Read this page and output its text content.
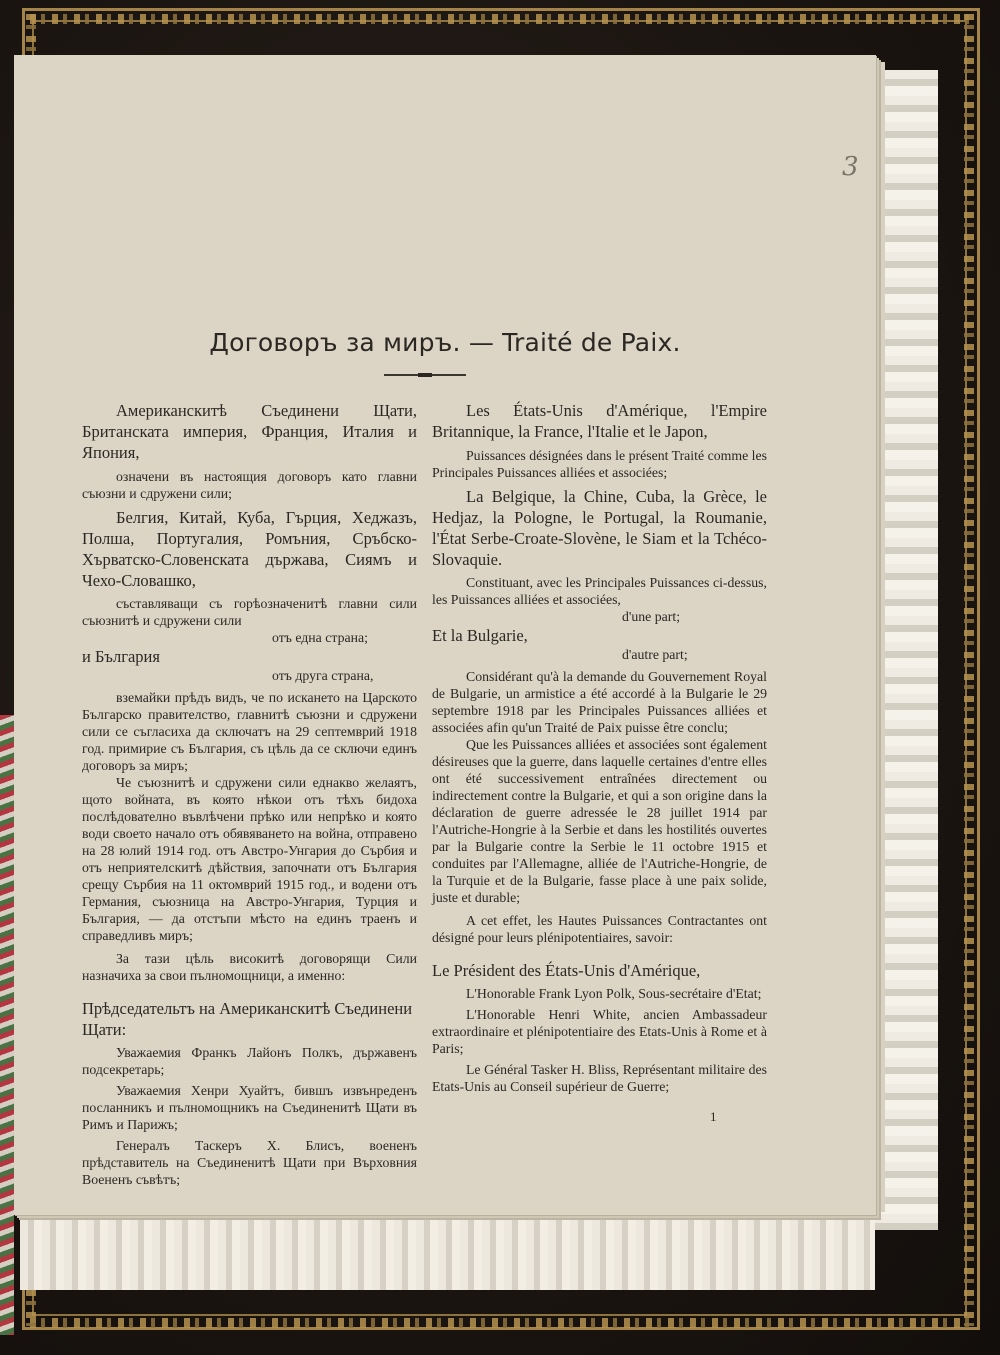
3
Договоръ за миръ. — Traité de Paix.

Американскитѣ Съединени Щати, Британската империя, Франция, Италия и Япония,

означени въ настоящия договоръ като главни съюзни и сдружени сили;

Белгия, Китай, Куба, Гърция, Хеджазъ, Полша, Португалия, Ромъния, Сръбско-Хърватско-Словенската държава, Сиямъ и Чехо-Словашко,

съставляващи съ горѣозначенитѣ главни сили съюзнитѣ и сдружени сили

отъ една страна;

и България

отъ друга страна,

вземайки прѣдъ видъ, че по искането на Царското Българско правителство, главнитѣ съюзни и сдружени сили се съгласиха да сключатъ на 29 септемврий 1918 год. примирие съ България, съ цѣль да се сключи единъ договоръ за миръ;

Че съюзнитѣ и сдружени сили еднакво желаятъ, щото войната, въ която нѣкои отъ тѣхъ бидоха послѣдователно въвлѣчени прѣко или непрѣко и която води своето начало отъ обявяването на война, отправено на 28 юлий 1914 год. отъ Австро-Унгария до Сърбия и отъ неприятелскитѣ дѣйствия, започнати отъ България срещу Сърбия на 11 октомврий 1915 год., и водени отъ Германия, съюзница на Австро-Унгария, Турция и България, — да отстъпи мѣсто на единъ траенъ и справедливъ миръ;

За тази цѣль високитѣ договорящи Сили назначиха за свои пълномощници, а именно:

Прѣдседательтъ на Американскитѣ Съединени Щати:

Уважаемия Франкъ Лайонъ Полкъ, държавенъ подсекретарь;

Уважаемия Хенри Хуайтъ, бившъ извънреденъ посланникъ и пълномощникъ на Съединенитѣ Щати въ Римъ и Парижъ;

Генералъ Таскеръ Х. Блисъ, воененъ прѣдставитель на Съединенитѣ Щати при Върховния Воененъ съвѣтъ;

Les États-Unis d'Amérique, l'Empire Britannique, la France, l'Italie et le Japon,

Puissances désignées dans le présent Traité comme les Principales Puissances alliées et associées;

La Belgique, la Chine, Cuba, la Grèce, le Hedjaz, la Pologne, le Portugal, la Roumanie, l'État Serbe-Croate-Slovène, le Siam et la Tchéco-Slovaquie.

Constituant, avec les Principales Puissances ci-dessus, les Puissances alliées et associées,

d'une part;

Et la Bulgarie,

d'autre part;

Considérant qu'à la demande du Gouvernement Royal de Bulgarie, un armistice a été accordé à la Bulgarie le 29 septembre 1918 par les Principales Puissances alliées et associées afin qu'un Traité de Paix puisse être conclu;

Que les Puissances alliées et associées sont également désireuses que la guerre, dans laquelle certaines d'entre elles ont été successivement entraînées directement ou indirectement contre la Bulgarie, et qui a son origine dans la déclaration de guerre adressée le 28 juillet 1914 par l'Autriche-Hongrie à la Serbie et dans les hostilités ouvertes par la Bulgarie contre la Serbie le 11 octobre 1915 et conduites par l'Allemagne, alliée de l'Autriche-Hongrie, de la Turquie et de la Bulgarie, fasse place à une paix solide, juste et durable;

A cet effet, les Hautes Puissances Contractantes ont désigné pour leurs plénipotentiaires, savoir:

Le Président des États-Unis d'Amérique,

L'Honorable Frank Lyon Polk, Sous-secrétaire d'Etat;

L'Honorable Henri White, ancien Ambassadeur extraordinaire et plénipotentiaire des Etats-Unis à Rome et à Paris;

Le Général Tasker H. Bliss, Représentant militaire des Etats-Unis au Conseil supérieur de Guerre;

1
